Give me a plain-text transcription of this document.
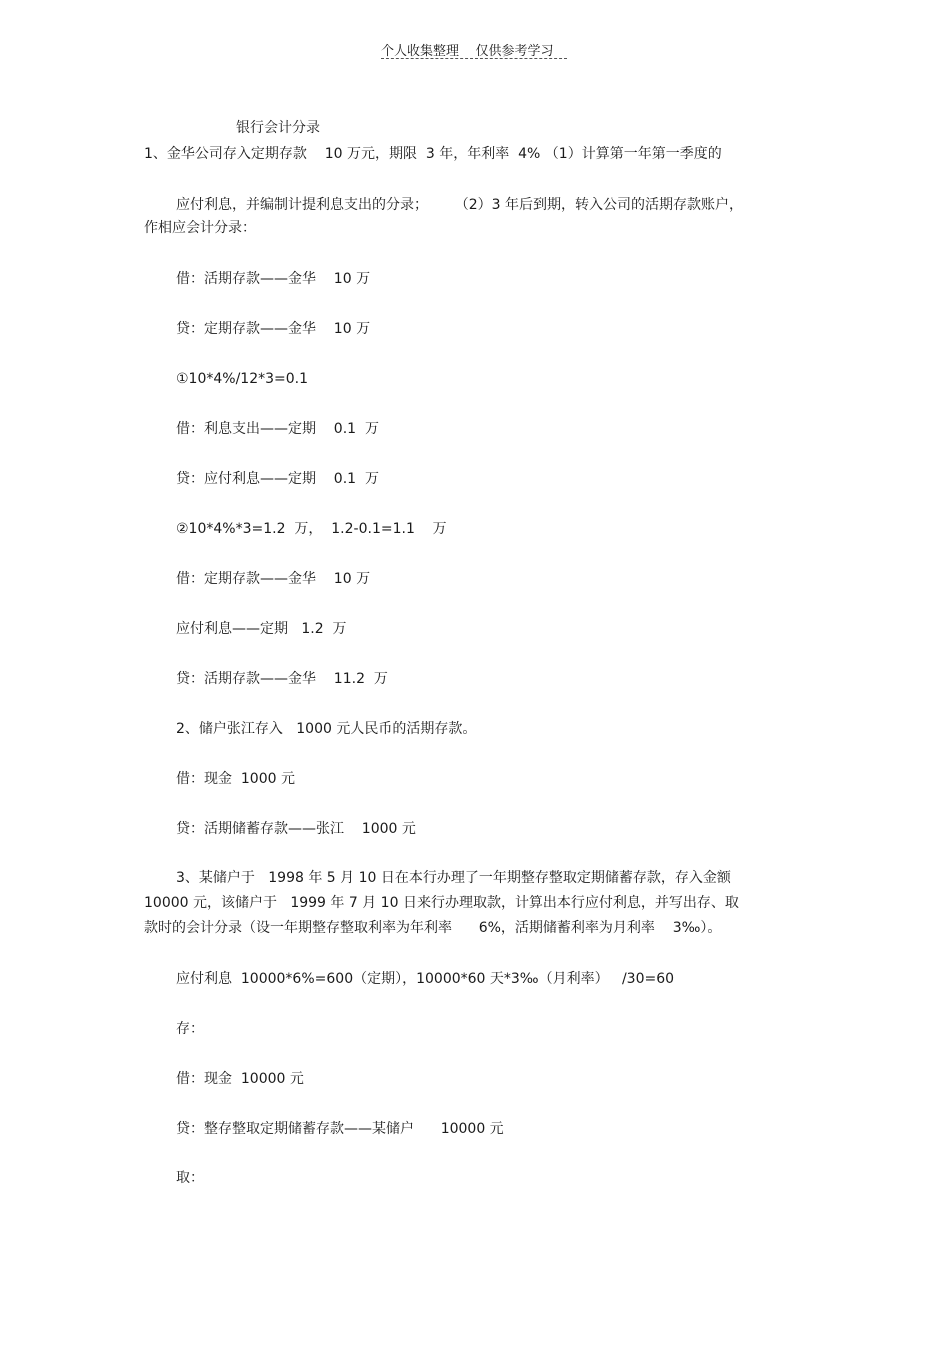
个人收集整理    仅供参考学习
银行会计分录
1、金华公司存入定期存款    10 万元，期限  3 年，年利率  4% （1）计算第一年第一季度的
应付利息，并编制计提利息支出的分录；      （2）3 年后到期，转入公司的活期存款账户，
作相应会计分录：
借：活期存款——金华    10 万
贷：定期存款——金华    10 万
①10*4%/12*3=0.1
借：利息支出——定期    0.1  万
贷：应付利息——定期    0.1  万
②10*4%*3=1.2  万，  1.2-0.1=1.1    万
借：定期存款——金华    10 万
应付利息——定期   1.2  万
贷：活期存款——金华    11.2  万
2、储户张江存入   1000 元人民币的活期存款。
借：现金  1000 元
贷：活期储蓄存款——张江    1000 元
3、某储户于   1998 年 5 月 10 日在本行办理了一年期整存整取定期储蓄存款，存入金额
10000 元，该储户于   1999 年 7 月 10 日来行办理取款，计算出本行应付利息，并写出存、取
款时的会计分录（设一年期整存整取利率为年利率      6%，活期储蓄利率为月利率    3‰）。
应付利息  10000*6%=600（定期），10000*60 天*3‰（月利率）   /30=60
存：
借：现金  10000 元
贷：整存整取定期储蓄存款——某储户      10000 元
取：
